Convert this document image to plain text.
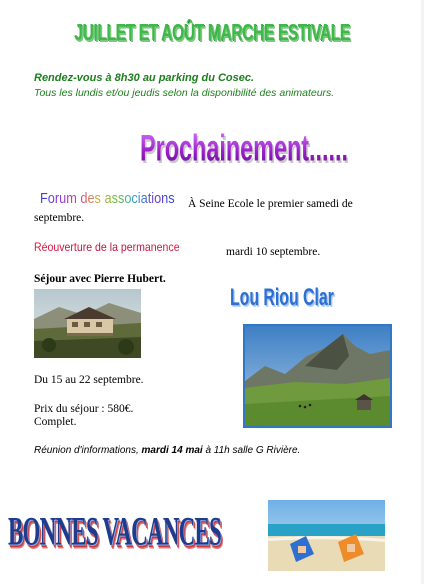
JUILLET ET AOÛT MARCHE ESTIVALE
Rendez-vous à 8h30 au parking du Cosec.
Tous les lundis et/ou jeudis selon la disponibilité des animateurs.
Prochainement......
Forum des associations À Seine Ecole le premier samedi de
septembre.
Réouverture de la permanence	mardi 10 septembre.
Séjour avec Pierre Hubert.
Lou Riou Clar
Du 15 au 22 septembre.
Prix du séjour : 580€.
Complet.
Réunion d'informations, mardi 14 mai à 11h salle G Rivière.
BONNES VACANCES
